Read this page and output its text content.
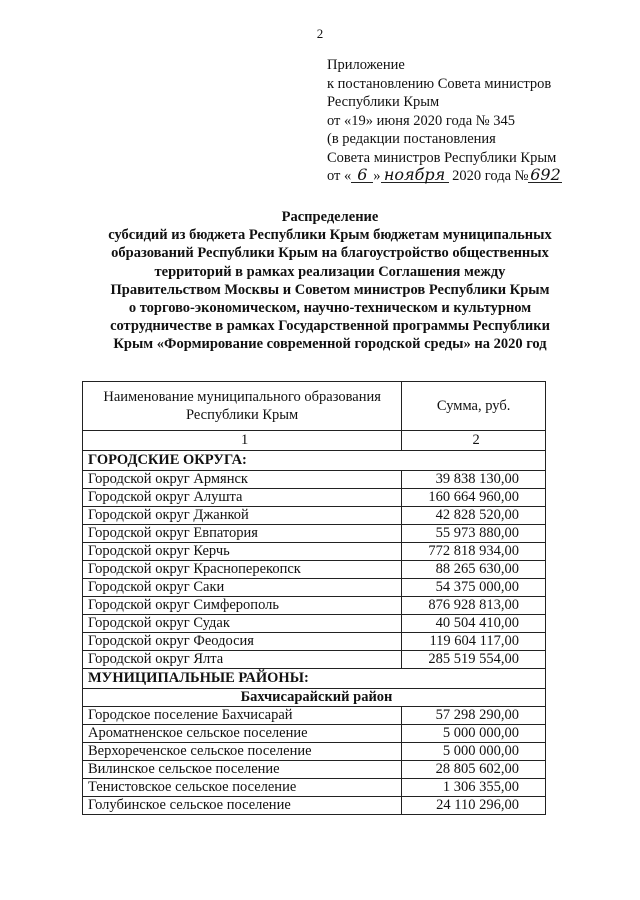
2
Приложение
к постановлению Совета министров
Республики Крым
от «19» июня 2020 года № 345
(в редакции постановления
Совета министров Республики Крым
от « 6 » ноября 2020 года № 692
Распределение
субсидий из бюджета Республики Крым бюджетам муниципальных
образований Республики Крым на благоустройство общественных
территорий в рамках реализации Соглашения между
Правительством Москвы и Советом министров Республики Крым
о торгово-экономическом, научно-техническом и культурном
сотрудничестве в рамках Государственной программы Республики
Крым «Формирование современной городской среды» на 2020 год
Наименование муниципального образования Республики Крым	Сумма, руб.
1	2
ГОРОДСКИЕ ОКРУГА:	
Городской округ Армянск	39 838 130,00
Городской округ Алушта	160 664 960,00
Городской округ Джанкой	42 828 520,00
Городской округ Евпатория	55 973 880,00
Городской округ Керчь	772 818 934,00
Городской округ Красноперекопск	88 265 630,00
Городской округ Саки	54 375 000,00
Городской округ Симферополь	876 928 813,00
Городской округ Судак	40 504 410,00
Городской округ Феодосия	119 604 117,00
Городской округ Ялта	285 519 554,00
МУНИЦИПАЛЬНЫЕ РАЙОНЫ:	
Бахчисарайский район	
Городское поселение Бахчисарай	57 298 290,00
Ароматненское сельское поселение	5 000 000,00
Верхореченское сельское поселение	5 000 000,00
Вилинское сельское поселение	28 805 602,00
Тенистовское сельское поселение	1 306 355,00
Голубинское сельское поселение	24 110 296,00
